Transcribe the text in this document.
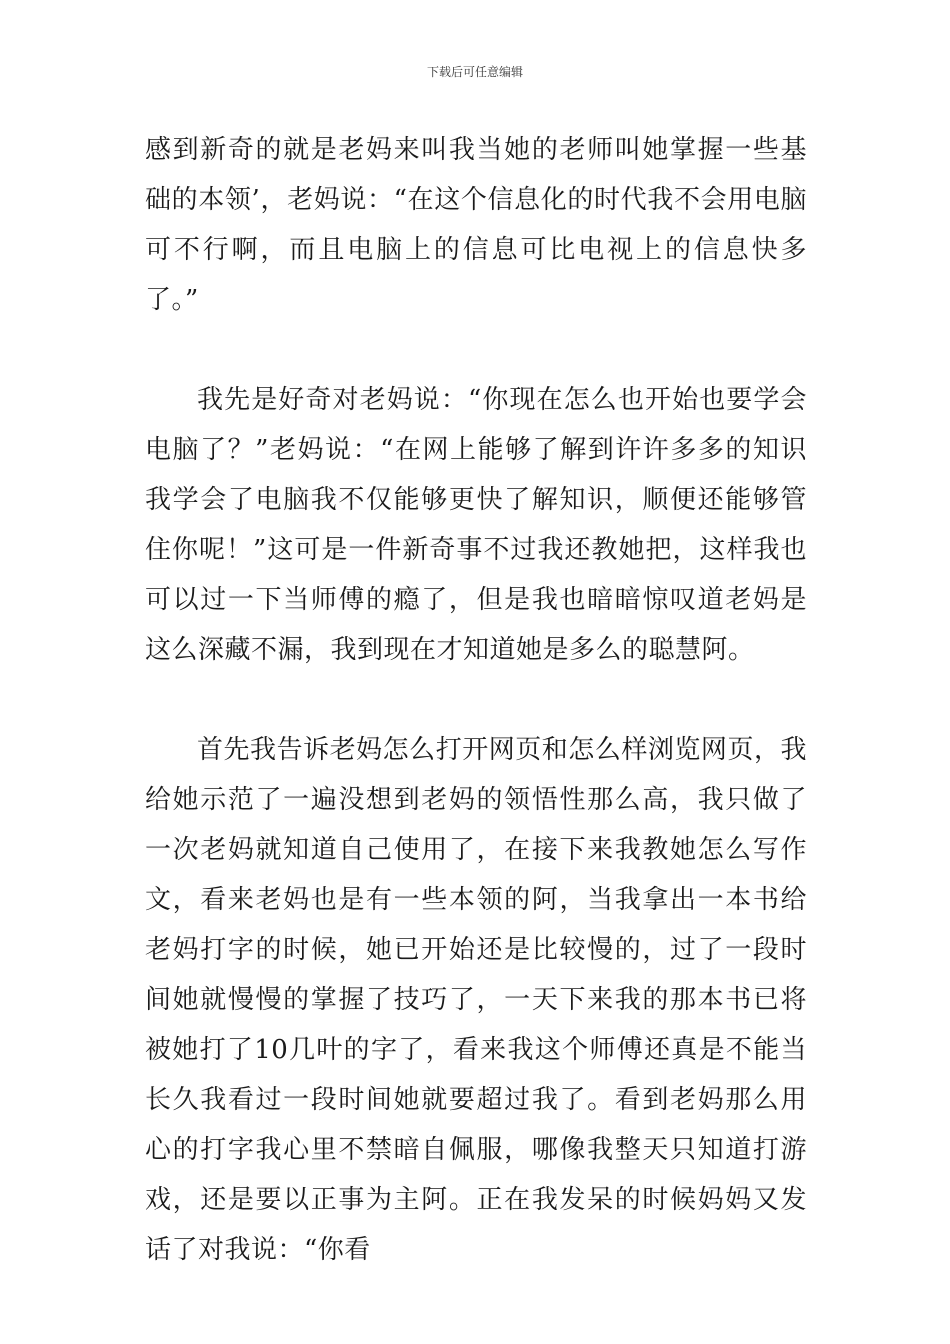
下载后可任意编辑

感到新奇的就是老妈来叫我当她的老师叫她掌握一些基础的本领’，老妈说：“在这个信息化的时代我不会用电脑可不行啊，而且电脑上的信息可比电视上的信息快多了。”

我先是好奇对老妈说：“你现在怎么也开始也要学会电脑了？”老妈说：“在网上能够了解到许许多多的知识我学会了电脑我不仅能够更快了解知识，顺便还能够管住你呢！”这可是一件新奇事不过我还教她把，这样我也可以过一下当师傅的瘾了，但是我也暗暗惊叹道老妈是这么深藏不漏，我到现在才知道她是多么的聪慧阿。

首先我告诉老妈怎么打开网页和怎么样浏览网页，我给她示范了一遍没想到老妈的领悟性那么高，我只做了一次老妈就知道自己使用了，在接下来我教她怎么写作文，看来老妈也是有一些本领的阿，当我拿出一本书给老妈打字的时候，她已开始还是比较慢的，过了一段时间她就慢慢的掌握了技巧了，一天下来我的那本书已将被她打了10几叶的字了，看来我这个师傅还真是不能当长久我看过一段时间她就要超过我了。看到老妈那么用心的打字我心里不禁暗自佩服，哪像我整天只知道打游戏，还是要以正事为主阿。正在我发呆的时候妈妈又发话了对我说：“你看
